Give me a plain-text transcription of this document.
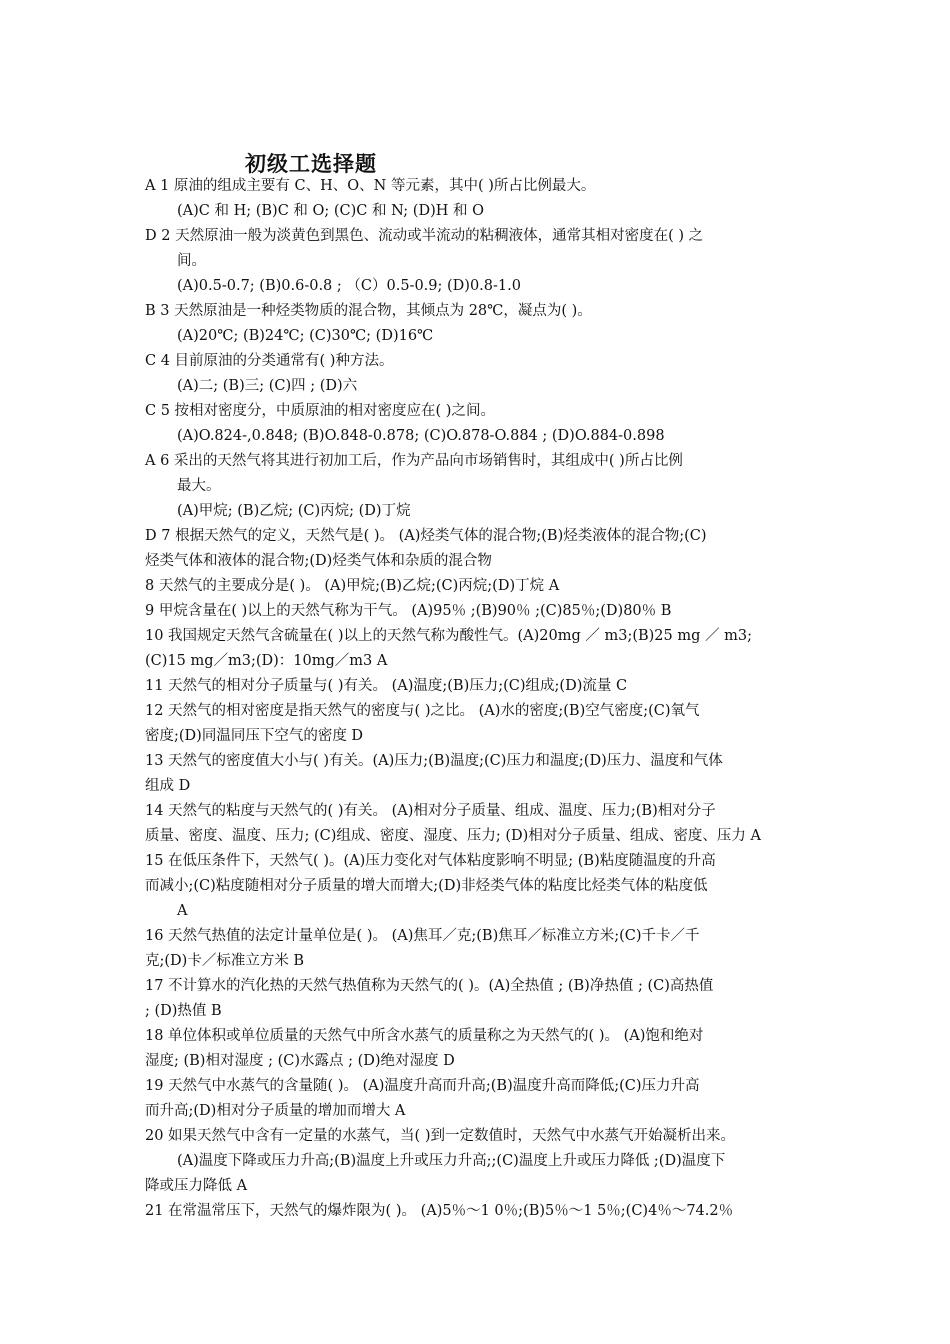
初级工选择题
A 1 原油的组成主要有 C、H、O、N 等元素，其中( )所占比例最大。
(A)C 和 H; (B)C 和 O; (C)C 和 N; (D)H 和 O
D 2 天然原油一般为淡黄色到黑色、流动或半流动的粘稠液体，通常其相对密度在( ) 之
间。
(A)0.5-0.7; (B)0.6-0.8 ; （C）0.5-0.9; (D)0.8-1.0
B 3 天然原油是一种烃类物质的混合物，其倾点为 28℃，凝点为( )。
(A)20℃; (B)24℃; (C)30℃; (D)16℃
C 4 目前原油的分类通常有( )种方法。
(A)二; (B)三; (C)四 ; (D)六
C 5 按相对密度分，中质原油的相对密度应在( )之间。
(A)O.824-,0.848; (B)O.848-0.878; (C)O.878-O.884 ; (D)O.884-0.898
A 6 采出的天然气将其进行初加工后，作为产品向市场销售时，其组成中( )所占比例
最大。
(A)甲烷; (B)乙烷; (C)丙烷; (D)丁烷
D 7 根据天然气的定义，天然气是( )。 (A)烃类气体的混合物;(B)烃类液体的混合物;(C)
烃类气体和液体的混合物;(D)烃类气体和杂质的混合物
8 天然气的主要成分是( )。 (A)甲烷;(B)乙烷;(C)丙烷;(D)丁烷 A
9 甲烷含量在( )以上的天然气称为干气。 (A)95％ ;(B)90％ ;(C)85％;(D)80％ B
10 我国规定天然气含硫量在( )以上的天然气称为酸性气。(A)20mg ／ m3;(B)25 mg ／ m3;
(C)15 mg／m3;(D)：10mg／m3 A
11 天然气的相对分子质量与( )有关。 (A)温度;(B)压力;(C)组成;(D)流量 C
12 天然气的相对密度是指天然气的密度与( )之比。 (A)水的密度;(B)空气密度;(C)氧气
密度;(D)同温同压下空气的密度 D
13 天然气的密度值大小与( )有关。(A)压力;(B)温度;(C)压力和温度;(D)压力、温度和气体
组成 D
14 天然气的粘度与天然气的( )有关。 (A)相对分子质量、组成、温度、压力;(B)相对分子
质量、密度、温度、压力; (C)组成、密度、湿度、压力; (D)相对分子质量、组成、密度、压力 A
15 在低压条件下，天然气( )。(A)压力变化对气体粘度影响不明显; (B)粘度随温度的升高
而减小;(C)粘度随相对分子质量的增大而增大;(D)非烃类气体的粘度比烃类气体的粘度低
A
16 天然气热值的法定计量单位是( )。 (A)焦耳／克;(B)焦耳／标准立方米;(C)千卡／千
克;(D)卡／标准立方米 B
17 不计算水的汽化热的天然气热值称为天然气的( )。(A)全热值 ; (B)净热值 ; (C)高热值
; (D)热值 B
18 单位体积或单位质量的天然气中所含水蒸气的质量称之为天然气的( )。 (A)饱和绝对
湿度; (B)相对湿度 ; (C)水露点 ; (D)绝对湿度 D
19 天然气中水蒸气的含量随( )。 (A)温度升高而升高;(B)温度升高而降低;(C)压力升高
而升高;(D)相对分子质量的增加而增大 A
20 如果天然气中含有一定量的水蒸气，当( )到一定数值时，天然气中水蒸气开始凝析出来。
(A)温度下降或压力升高;(B)温度上升或压力升高;;(C)温度上升或压力降低 ;(D)温度下
降或压力降低 A
21 在常温常压下，天然气的爆炸限为( )。 (A)5％～1 0％;(B)5％～1 5％;(C)4％～74.2％
